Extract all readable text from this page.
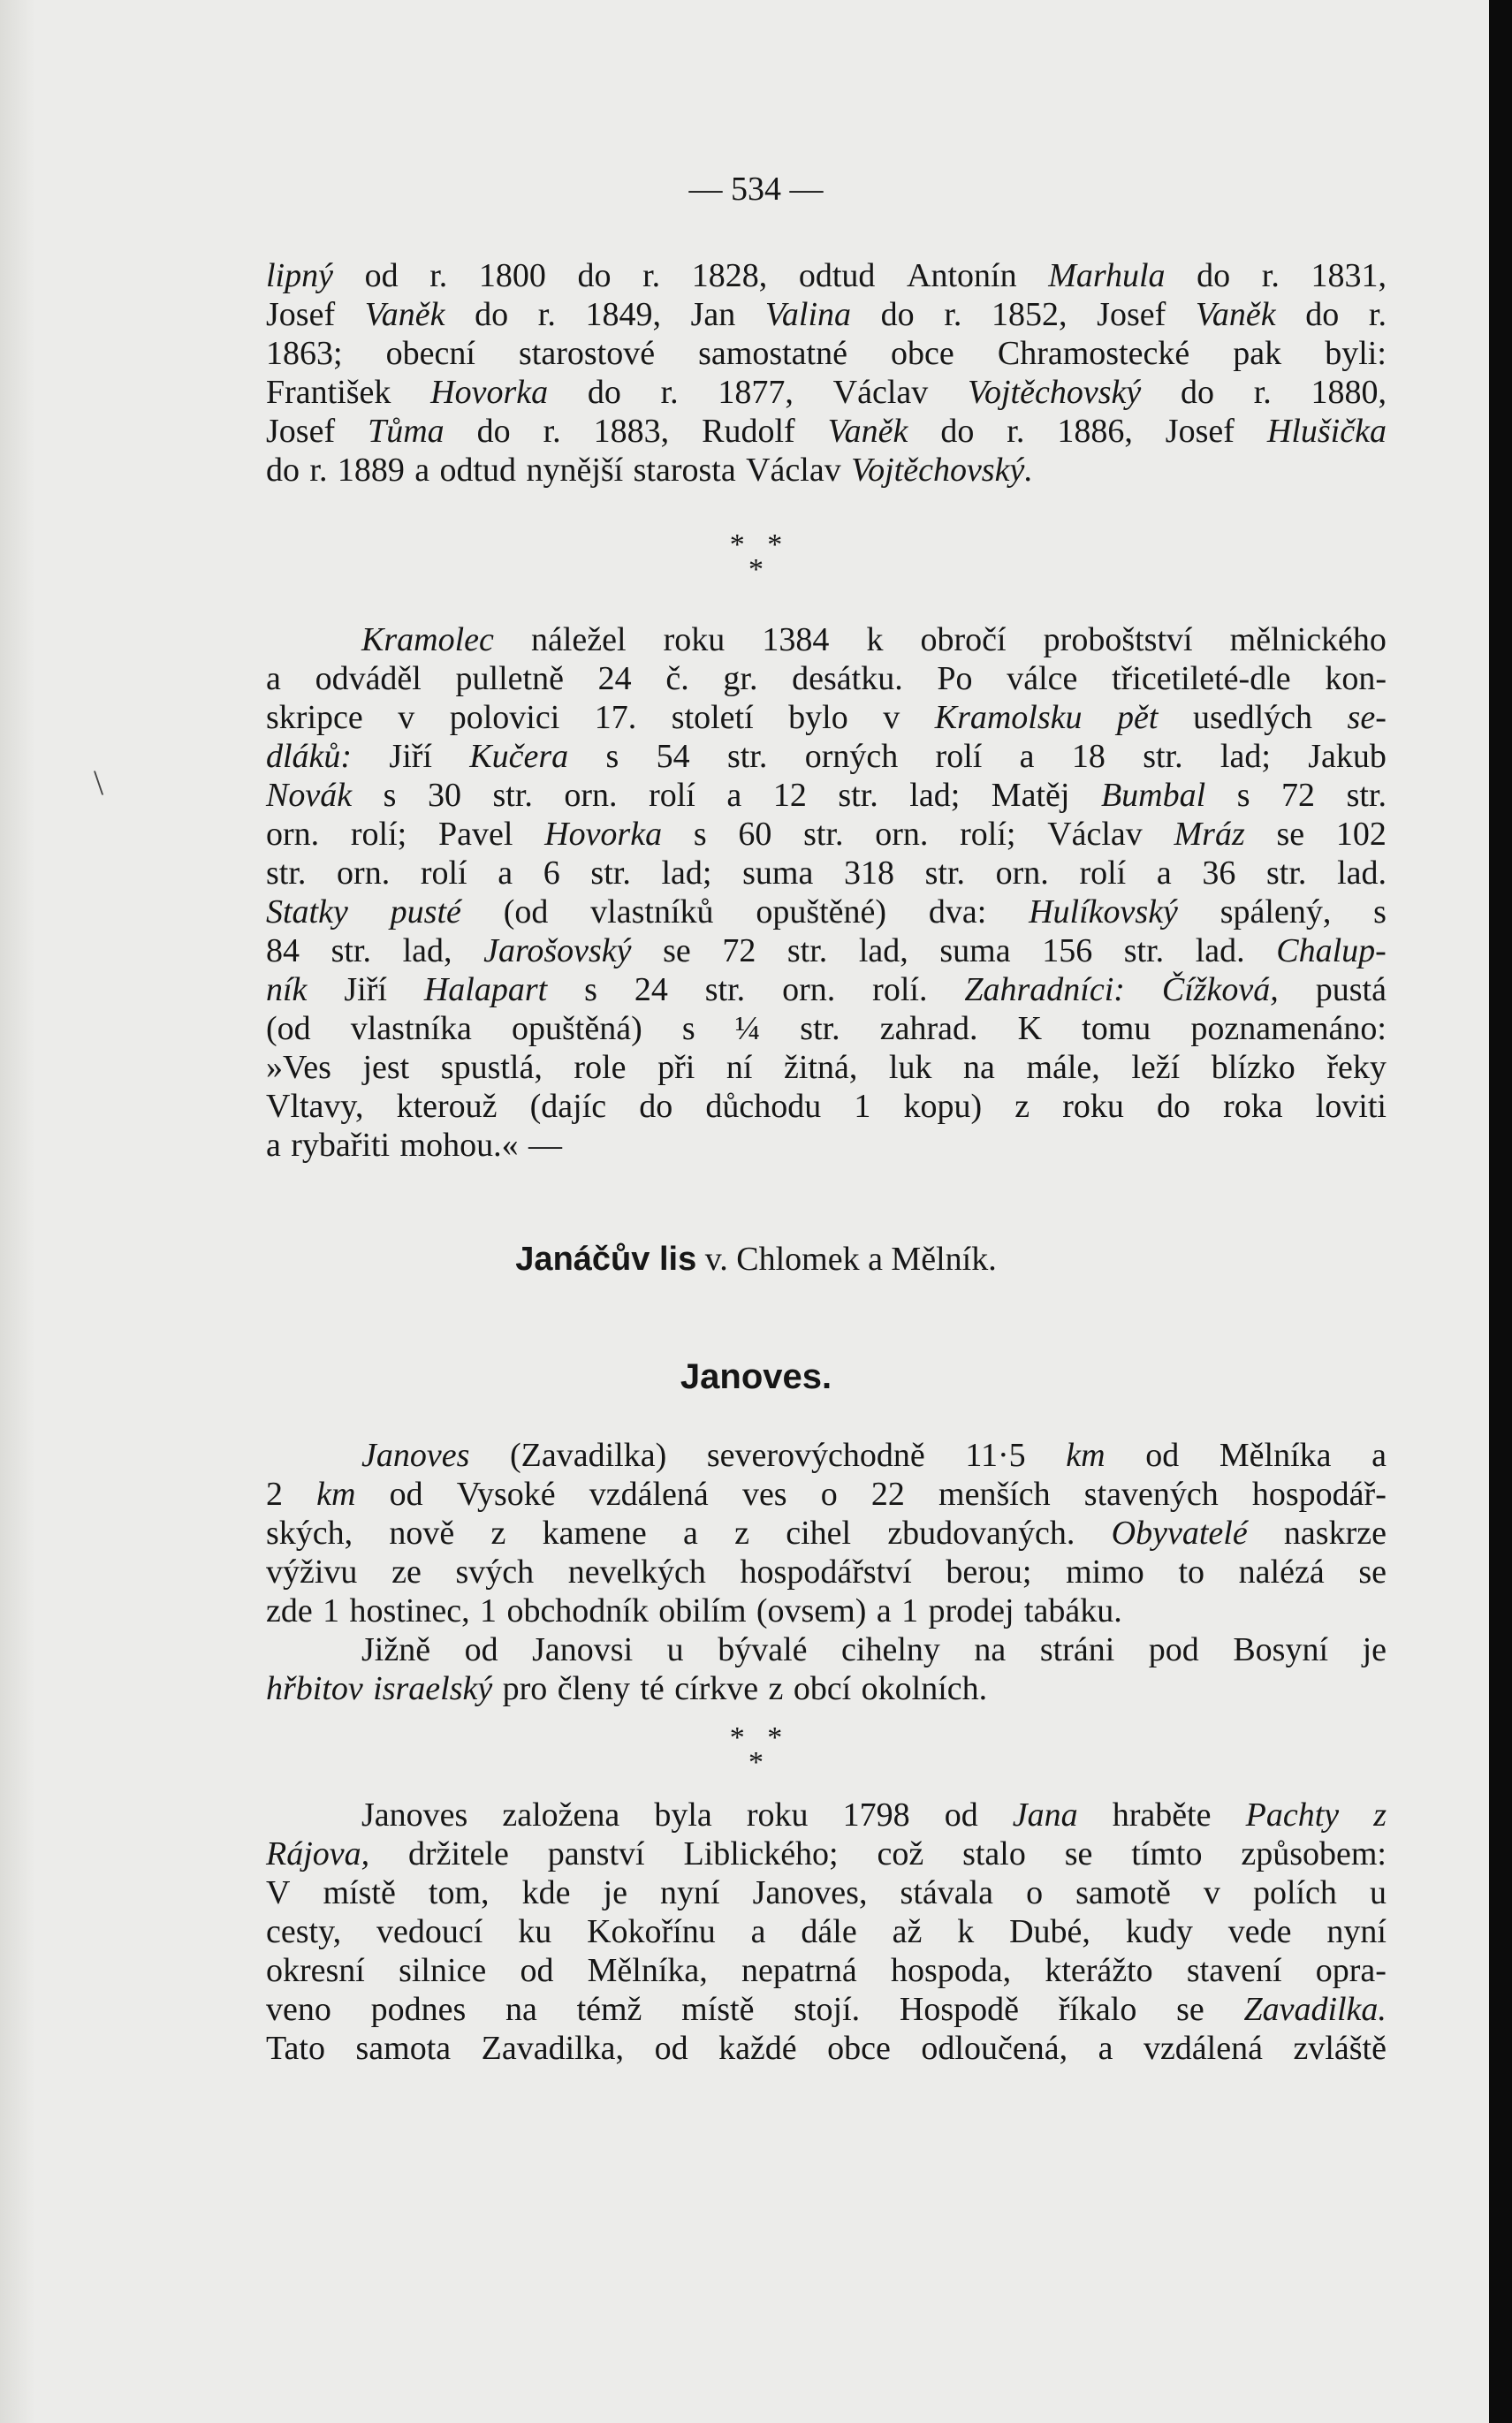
\
— 534 —
lipný od r. 1800 do r. 1828, odtud Antonín Marhula do r. 1831,
Josef Vaněk do r. 1849, Jan Valina do r. 1852, Josef Vaněk do r.
1863; obecní starostové samostatné obce Chramostecké pak byli:
František Hovorka do r. 1877, Václav Vojtěchovský do r. 1880,
Josef Tůma do r. 1883, Rudolf Vaněk do r. 1886, Josef Hlušička
do r. 1889 a odtud nynější starosta Václav Vojtěchovský.
*   *
*
Kramolec náležel roku 1384 k obročí proboštství mělnického
a odváděl pulletně 24 č. gr. desátku. Po válce třicetileté-dle kon-
skripce v polovici 17. století bylo v Kramolsku pět usedlých se-
dláků: Jiří Kučera s 54 str. orných rolí a 18 str. lad; Jakub
Novák s 30 str. orn. rolí a 12 str. lad; Matěj Bumbal s 72 str.
orn. rolí; Pavel Hovorka s 60 str. orn. rolí; Václav Mráz se 102
str. orn. rolí a 6 str. lad; suma 318 str. orn. rolí a 36 str. lad.
Statky pusté (od vlastníků opuštěné) dva: Hulíkovský spálený, s
84 str. lad, Jarošovský se 72 str. lad, suma 156 str. lad. Chalup-
ník Jiří Halapart s 24 str. orn. rolí. Zahradníci: Čížková, pustá
(od vlastníka opuštěná) s ¼ str. zahrad. K tomu poznamenáno:
»Ves jest spustlá, role při ní žitná, luk na mále, leží blízko řeky
Vltavy, kterouž (dajíc do důchodu 1 kopu) z roku do roka loviti
a rybařiti mohou.« —
Janáčův lis v. Chlomek a Mělník.
Janoves.
Janoves (Zavadilka) severovýchodně 11·5 km od Mělníka a
2 km od Vysoké vzdálená ves o 22 menších stavených hospodář-
ských, nově z kamene a z cihel zbudovaných. Obyvatelé naskrze
výživu ze svých nevelkých hospodářství berou; mimo to nalézá se
zde 1 hostinec, 1 obchodník obilím (ovsem) a 1 prodej tabáku.
Jižně od Janovsi u bývalé cihelny na stráni pod Bosyní je
hřbitov israelský pro členy té církve z obcí okolních.
*   *
*
Janoves založena byla roku 1798 od Jana hraběte Pachty z
Rájova, držitele panství Liblického; což stalo se tímto způsobem:
V místě tom, kde je nyní Janoves, stávala o samotě v polích u
cesty, vedoucí ku Kokořínu a dále až k Dubé, kudy vede nyní
okresní silnice od Mělníka, nepatrná hospoda, kterážto stavení opra-
veno podnes na témž místě stojí. Hospodě říkalo se Zavadilka.
Tato samota Zavadilka, od každé obce odloučená, a vzdálená zvláště
